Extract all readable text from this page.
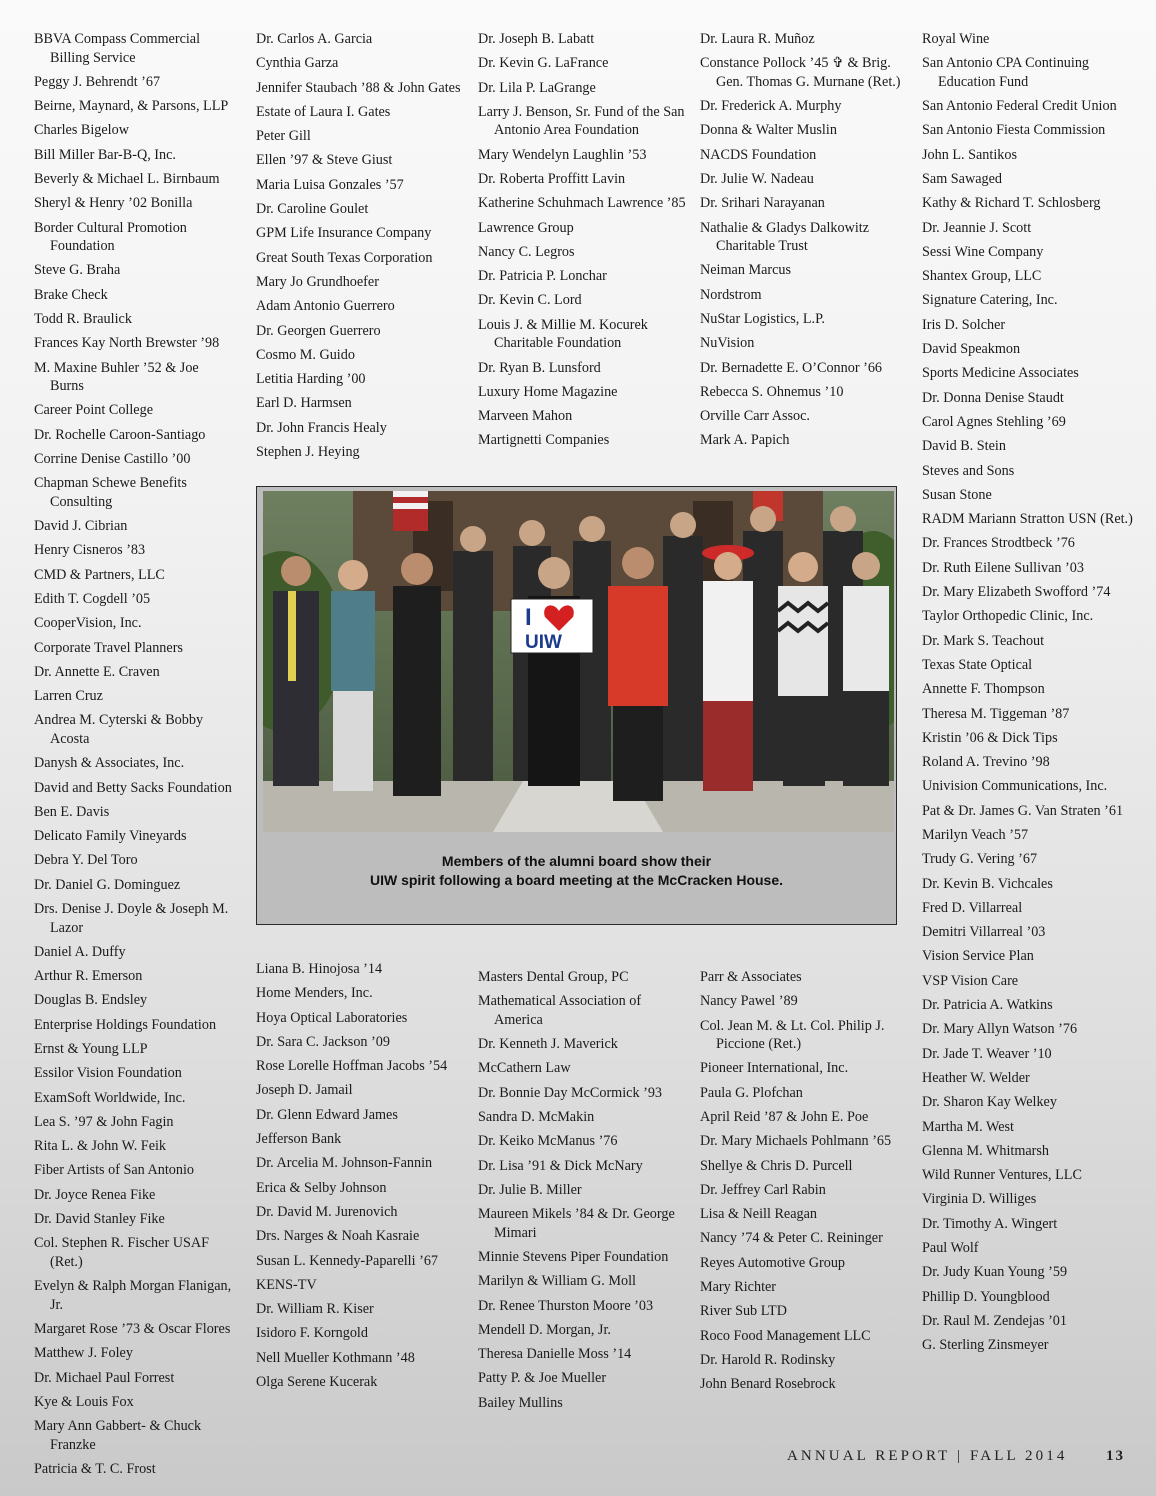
BBVA Compass Commercial Billing Service
Peggy J. Behrendt ’67
Beirne, Maynard, & Parsons, LLP
Charles Bigelow
Bill Miller Bar-B-Q, Inc.
Beverly & Michael L. Birnbaum
Sheryl & Henry ’02 Bonilla
Border Cultural Promotion Foundation
Steve G. Braha
Brake Check
Todd R. Braulick
Frances Kay North Brewster ’98
M. Maxine Buhler ’52 & Joe Burns
Career Point College
Dr. Rochelle Caroon-Santiago
Corrine Denise Castillo ’00
Chapman Schewe Benefits Consulting
David J. Cibrian
Henry Cisneros ’83
CMD & Partners, LLC
Edith T. Cogdell ’05
CooperVision, Inc.
Corporate Travel Planners
Dr. Annette E. Craven
Larren Cruz
Andrea M. Cyterski & Bobby Acosta
Danysh & Associates, Inc.
David and Betty Sacks Foundation
Ben E. Davis
Delicato Family Vineyards
Debra Y. Del Toro
Dr. Daniel G. Dominguez
Drs. Denise J. Doyle & Joseph M. Lazor
Daniel A. Duffy
Arthur R. Emerson
Douglas B. Endsley
Enterprise Holdings Foundation
Ernst & Young LLP
Essilor Vision Foundation
ExamSoft Worldwide, Inc.
Lea S. ’97 & John Fagin
Rita L. & John W. Feik
Fiber Artists of San Antonio
Dr. Joyce Renea Fike
Dr. David Stanley Fike
Col. Stephen R. Fischer USAF (Ret.)
Evelyn & Ralph Morgan Flanigan, Jr.
Margaret Rose ’73 & Oscar Flores
Matthew J. Foley
Dr. Michael Paul Forrest
Kye & Louis Fox
Mary Ann Gabbert- & Chuck Franzke
Patricia & T. C. Frost
Dr. Carlos A. Garcia
Cynthia Garza
Jennifer Staubach ’88 & John Gates
Estate of Laura I. Gates
Peter Gill
Ellen ’97 & Steve Giust
Maria Luisa Gonzales ’57
Dr. Caroline Goulet
GPM Life Insurance Company
Great South Texas Corporation
Mary Jo Grundhoefer
Adam Antonio Guerrero
Dr. Georgen Guerrero
Cosmo M. Guido
Letitia Harding ’00
Earl D. Harmsen
Dr. John Francis Healy
Stephen J. Heying
Dr. Joseph B. Labatt
Dr. Kevin G. LaFrance
Dr. Lila P. LaGrange
Larry J. Benson, Sr. Fund of the San Antonio Area Foundation
Mary Wendelyn Laughlin ’53
Dr. Roberta Proffitt Lavin
Katherine Schuhmach Lawrence ’85
Lawrence Group
Nancy C. Legros
Dr. Patricia P. Lonchar
Dr. Kevin C. Lord
Louis J. & Millie M. Kocurek Charitable Foundation
Dr. Ryan B. Lunsford
Luxury Home Magazine
Marveen Mahon
Martignetti Companies
Dr. Laura R. Muñoz
Constance Pollock ’45 ✞ & Brig. Gen. Thomas G. Murnane (Ret.)
Dr. Frederick A. Murphy
Donna & Walter Muslin
NACDS Foundation
Dr. Julie W. Nadeau
Dr. Srihari Narayanan
Nathalie & Gladys Dalkowitz Charitable Trust
Neiman Marcus
Nordstrom
NuStar Logistics, L.P.
NuVision
Dr. Bernadette E. O’Connor ’66
Rebecca S. Ohnemus ’10
Orville Carr Assoc.
Mark A. Papich
Royal Wine
San Antonio CPA Continuing Education Fund
San Antonio Federal Credit Union
San Antonio Fiesta Commission
John L. Santikos
Sam Sawaged
Kathy & Richard T. Schlosberg
Dr. Jeannie J. Scott
Sessi Wine Company
Shantex Group, LLC
Signature Catering, Inc.
Iris D. Solcher
David Speakmon
Sports Medicine Associates
Dr. Donna Denise Staudt
Carol Agnes Stehling ’69
David B. Stein
Steves and Sons
Susan Stone
RADM Mariann Stratton USN (Ret.)
Dr. Frances Strodtbeck ’76
Dr. Ruth Eilene Sullivan ’03
Dr. Mary Elizabeth Swofford ’74
Taylor Orthopedic Clinic, Inc.
Dr. Mark S. Teachout
Texas State Optical
Annette F. Thompson
Theresa M. Tiggeman ’87
Kristin ’06 & Dick Tips
Roland A. Trevino ’98
Univision Communications, Inc.
Pat & Dr. James G. Van Straten ’61
Marilyn Veach ’57
Trudy G. Vering ’67
Dr. Kevin B. Vichcales
Fred D. Villarreal
Demitri Villarreal ’03
Vision Service Plan
VSP Vision Care
Dr. Patricia A. Watkins
Dr. Mary Allyn Watson ’76
Dr. Jade T. Weaver ’10
Heather W. Welder
Dr. Sharon Kay Welkey
Martha M. West
Glenna M. Whitmarsh
Wild Runner Ventures, LLC
Virginia D. Williges
Dr. Timothy A. Wingert
Paul Wolf
Dr. Judy Kuan Young ’59
Phillip D. Youngblood
Dr. Raul M. Zendejas ’01
G. Sterling Zinsmeyer
Liana B. Hinojosa ’14
Home Menders, Inc.
Hoya Optical Laboratories
Dr. Sara C. Jackson ’09
Rose Lorelle Hoffman Jacobs ’54
Joseph D. Jamail
Dr. Glenn Edward James
Jefferson Bank
Dr. Arcelia M. Johnson-Fannin
Erica & Selby Johnson
Dr. David M. Jurenovich
Drs. Narges & Noah Kasraie
Susan L. Kennedy-Paparelli ’67
KENS-TV
Dr. William R. Kiser
Isidoro F. Korngold
Nell Mueller Kothmann ’48
Olga Serene Kucerak
Masters Dental Group, PC
Mathematical Association of America
Dr. Kenneth J. Maverick
McCathern Law
Dr. Bonnie Day McCormick ’93
Sandra D. McMakin
Dr. Keiko McManus ’76
Dr. Lisa ’91 & Dick McNary
Dr. Julie B. Miller
Maureen Mikels ’84 & Dr. George Mimari
Minnie Stevens Piper Foundation
Marilyn & William G. Moll
Dr. Renee Thurston Moore ’03
Mendell D. Morgan, Jr.
Theresa Danielle Moss ’14
Patty P. & Joe Mueller
Bailey Mullins
Parr & Associates
Nancy Pawel ’89
Col. Jean M. & Lt. Col. Philip J. Piccione (Ret.)
Pioneer International, Inc.
Paula G. Plofchan
April Reid ’87 & John E. Poe
Dr. Mary Michaels Pohlmann ’65
Shellye & Chris D. Purcell
Dr. Jeffrey Carl Rabin
Lisa & Neill Reagan
Nancy ’74 & Peter C. Reininger
Reyes Automotive Group
Mary Richter
River Sub LTD
Roco Food Management LLC
Dr. Harold R. Rodinsky
John Benard Rosebrock
I
UIW
Members of the alumni board show their
UIW spirit following a board meeting at the McCracken House.
ANNUAL REPORT | FALL 2014	13
